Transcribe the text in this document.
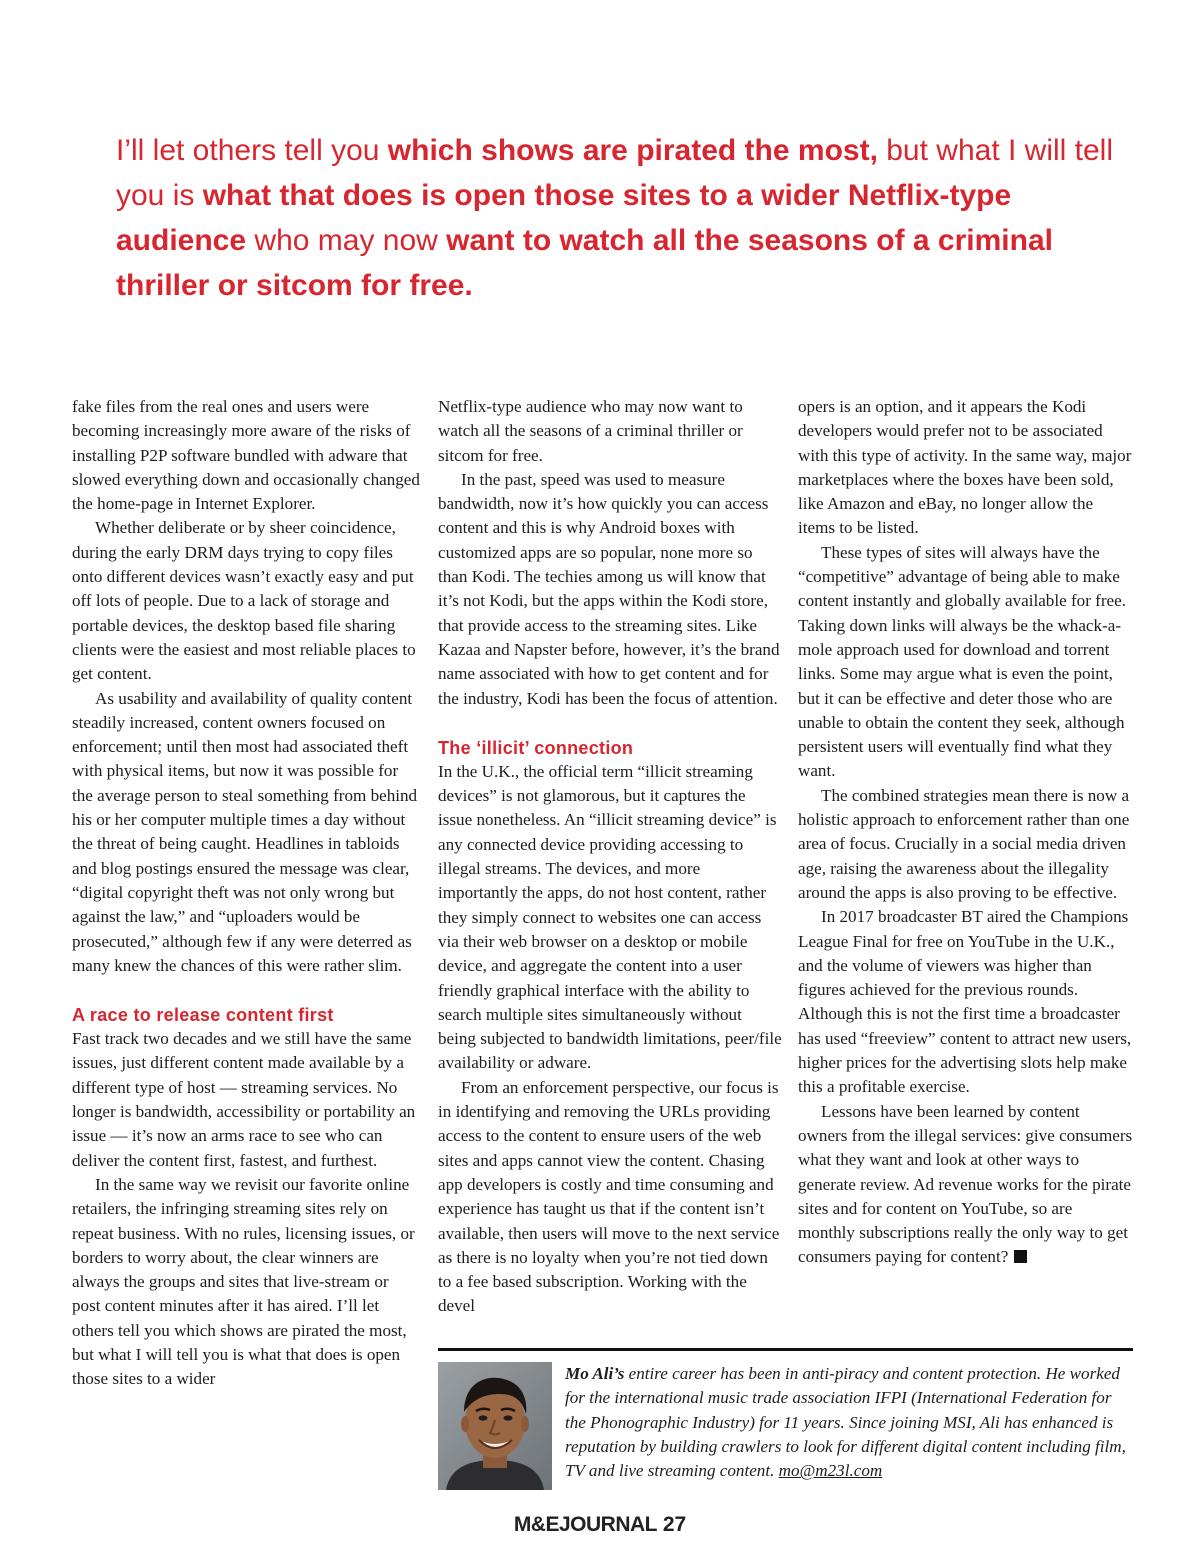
I’ll let others tell you which shows are pirated the most, but what I will tell you is what that does is open those sites to a wider Netflix-type audience who may now want to watch all the seasons of a criminal thriller or sitcom for free.

fake files from the real ones and users were becoming increasingly more aware of the risks of installing P2P software bundled with adware that slowed everything down and occasionally changed the home-page in Internet Explorer.

Whether deliberate or by sheer coincidence, during the early DRM days trying to copy files onto different devices wasn’t exactly easy and put off lots of people. Due to a lack of storage and portable devices, the desktop based file sharing clients were the easiest and most reliable places to get content.

As usability and availability of quality content steadily increased, content owners focused on enforcement; until then most had associated theft with physical items, but now it was possible for the average person to steal something from behind his or her computer multiple times a day without the threat of being caught. Headlines in tabloids and blog postings ensured the message was clear, “digital copyright theft was not only wrong but against the law,” and “uploaders would be prosecuted,” although few if any were deterred as many knew the chances of this were rather slim.

A race to release content first

Fast track two decades and we still have the same issues, just different content made available by a different type of host — streaming services. No longer is bandwidth, accessibility or portability an issue — it’s now an arms race to see who can deliver the content first, fastest, and furthest.

In the same way we revisit our favorite online retailers, the infringing streaming sites rely on repeat business. With no rules, licensing issues, or borders to worry about, the clear winners are always the groups and sites that live-stream or post content minutes after it has aired. I’ll let others tell you which shows are pirated the most, but what I will tell you is what that does is open those sites to a wider

Netflix-type audience who may now want to watch all the seasons of a criminal thriller or sitcom for free.

In the past, speed was used to measure bandwidth, now it’s how quickly you can access content and this is why Android boxes with customized apps are so popular, none more so than Kodi. The techies among us will know that it’s not Kodi, but the apps within the Kodi store, that provide access to the streaming sites. Like Kazaa and Napster before, however, it’s the brand name associated with how to get content and for the industry, Kodi has been the focus of attention.

The ‘illicit’ connection

In the U.K., the official term “illicit streaming devices” is not glamorous, but it captures the issue nonetheless. An “illicit streaming device” is any connected device providing accessing to illegal streams. The devices, and more importantly the apps, do not host content, rather they simply connect to websites one can access via their web browser on a desktop or mobile device, and aggregate the content into a user friendly graphical interface with the ability to search multiple sites simultaneously without being subjected to bandwidth limitations, peer/file availability or adware.

From an enforcement perspective, our focus is in identifying and removing the URLs providing access to the content to ensure users of the web sites and apps cannot view the content. Chasing app developers is costly and time consuming and experience has taught us that if the content isn’t available, then users will move to the next service as there is no loyalty when you’re not tied down to a fee based subscription. Working with the devel

opers is an option, and it appears the Kodi developers would prefer not to be associated with this type of activity. In the same way, major marketplaces where the boxes have been sold, like Amazon and eBay, no longer allow the items to be listed.

These types of sites will always have the “competitive” advantage of being able to make content instantly and globally available for free. Taking down links will always be the whack-a-mole approach used for download and torrent links. Some may argue what is even the point, but it can be effective and deter those who are unable to obtain the content they seek, although persistent users will eventually find what they want.

The combined strategies mean there is now a holistic approach to enforcement rather than one area of focus. Crucially in a social media driven age, raising the awareness about the illegality around the apps is also proving to be effective.

In 2017 broadcaster BT aired the Champions League Final for free on YouTube in the U.K., and the volume of viewers was higher than figures achieved for the previous rounds. Although this is not the first time a broadcaster has used “freeview” content to attract new users, higher prices for the advertising slots help make this a profitable exercise.

Lessons have been learned by content owners from the illegal services: give consumers what they want and look at other ways to generate review. Ad revenue works for the pirate sites and for content on YouTube, so are monthly subscriptions really the only way to get consumers paying for content?

Mo Ali’s entire career has been in anti-piracy and content protection. He worked for the international music trade association IFPI (International Federation for the Phonographic Industry) for 11 years. Since joining MSI, Ali has enhanced is reputation by building crawlers to look for different digital content including film, TV and live streaming content. mo@m23l.com

M&EJOURNAL 27
